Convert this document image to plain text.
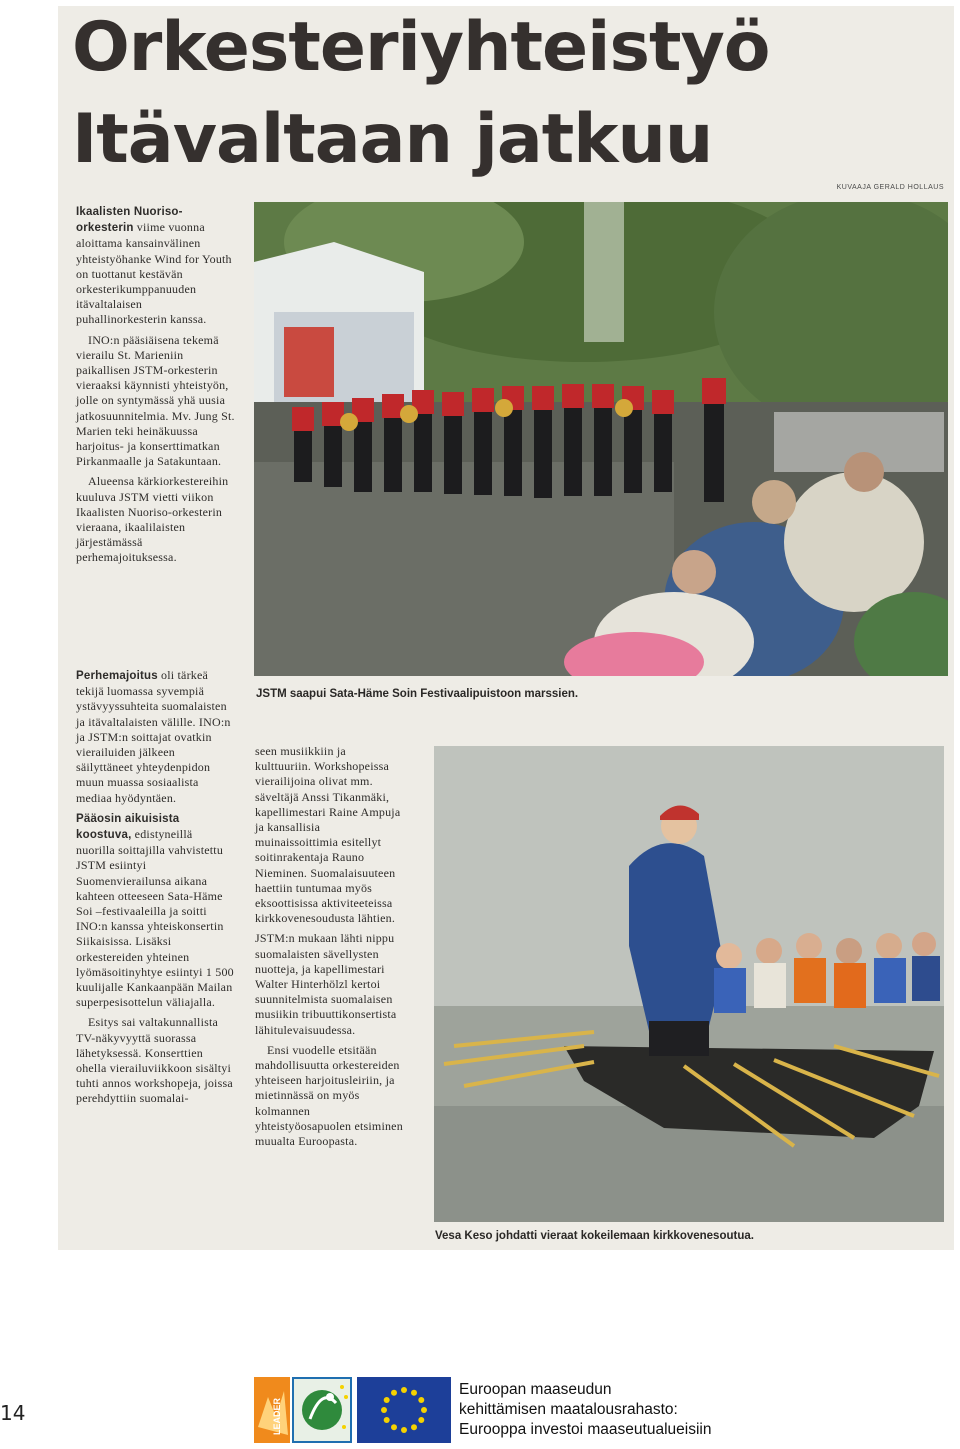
Orkesteriyhteistyö
Itävaltaan jatkuu
KUVAAJA GERALD HOLLAUS

Ikaalisten Nuoriso-orkesterin viime vuonna aloittama kansainvälinen yhteistyöhanke Wind for Youth on tuottanut kestävän orkesterikumppanuuden itävaltalaisen puhallinorkesterin kanssa.

INO:n pääsiäisena tekemä vierailu St. Marieniin paikallisen JSTM-orkesterin vieraaksi käynnisti yhteistyön, jolle on syntymässä yhä uusia jatkosuunnitelmia. Mv. Jung St. Marien teki heinäkuussa harjoitus- ja konserttimatkan Pirkanmaalle ja Satakuntaan.

Alueensa kärkiorkestereihin kuuluva JSTM vietti viikon Ikaalisten Nuoriso-orkesterin vieraana, ikaalilaisten järjestämässä perhemajoituksessa.

Perhemajoitus oli tärkeä tekijä luomassa syvempiä ystävyyssuhteita suomalaisten ja itävaltalaisten välille. INO:n ja JSTM:n soittajat ovatkin vierailuiden jälkeen säilyttäneet yhteydenpidon muun muassa sosiaalista mediaa hyödyntäen.

Pääosin aikuisista koostuva, edistyneillä nuorilla soittajilla vahvistettu JSTM esiintyi Suomenvierailunsa aikana kahteen otteeseen Sata-Häme Soi –festivaaleilla ja soitti INO:n kanssa yhteiskonsertin Siikaisissa. Lisäksi orkestereiden yhteinen lyömäsoitinyhtye esiintyi 1 500 kuulijalle Kankaanpään Mailan superpesisottelun väliajalla.

Esitys sai valtakunnallista TV-näkyvyyttä suorassa lähetyksessä. Konserttien ohella vierailuviikkoon sisältyi tuhti annos workshopeja, joissa perehdyttiin suomalai-

seen musiikkiin ja kulttuuriin. Workshopeissa vierailijoina olivat mm. säveltäjä Anssi Tikanmäki, kapellimestari Raine Ampuja ja kansallisia muinaissoittimia esitellyt soitinrakentaja Rauno Nieminen. Suomalaisuuteen haettiin tuntumaa myös eksoottisissa aktiviteeteissa kirkkovenesoudusta lähtien.

JSTM:n mukaan lähti nippu suomalaisten sävellysten nuotteja, ja kapellimestari Walter Hinterhölzl kertoi suunnitelmista suomalaisen musiikin tribuuttikonsertista lähitulevaisuudessa.

Ensi vuodelle etsitään mahdollisuutta orkestereiden yhteiseen harjoitusleiriin, ja mietinnässä on myös kolmannen yhteistyöosapuolen etsiminen muualta Euroopasta.

JSTM saapui Sata-Häme Soin Festivaalipuistoon marssien.
Vesa Keso johdatti vieraat kokeilemaan kirkkovenesoutua.
14	LEADER
Euroopan maaseudun
kehittämisen maatalousrahasto:
Eurooppa investoi maaseutualueisiin
